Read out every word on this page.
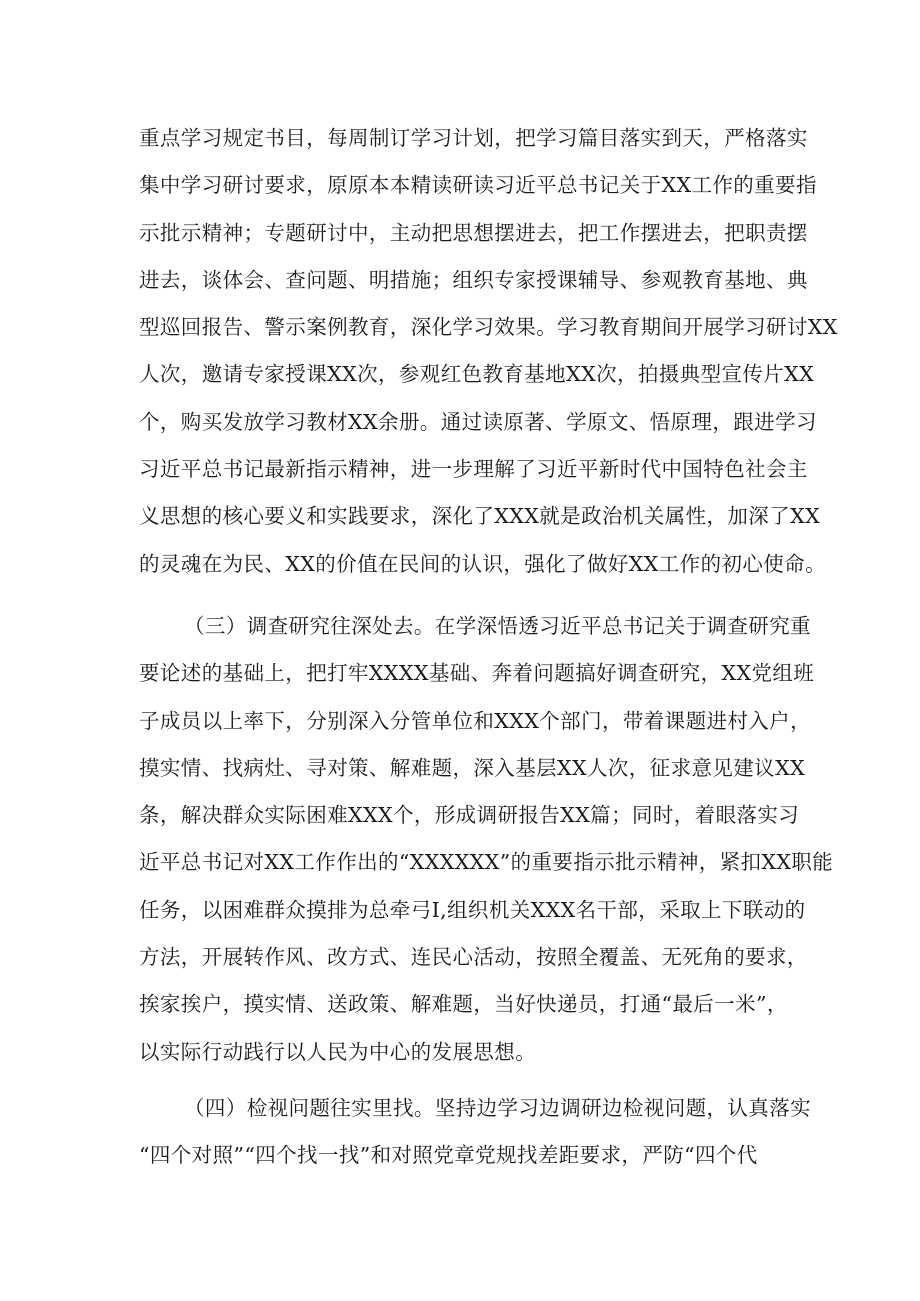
重点学习规定书目，每周制订学习计划，把学习篇目落实到天，严格落实
集中学习研讨要求，原原本本精读研读习近平总书记关于XX工作的重要指
示批示精神；专题研讨中，主动把思想摆进去，把工作摆进去，把职责摆
进去，谈体会、查问题、明措施；组织专家授课辅导、参观教育基地、典
型巡回报告、警示案例教育，深化学习效果。学习教育期间开展学习研讨XX
人次，邀请专家授课XX次，参观红色教育基地XX次，拍摄典型宣传片XX
个，购买发放学习教材XX余册。通过读原著、学原文、悟原理，跟进学习
习近平总书记最新指示精神，进一步理解了习近平新时代中国特色社会主
义思想的核心要义和实践要求，深化了XXX就是政治机关属性，加深了XX
的灵魂在为民、XX的价值在民间的认识，强化了做好XX工作的初心使命。
（三）调查研究往深处去。在学深悟透习近平总书记关于调查研究重
要论述的基础上，把打牢XXXX基础、奔着问题搞好调查研究，XX党组班
子成员以上率下，分别深入分管单位和XXX个部门，带着课题进村入户，
摸实情、找病灶、寻对策、解难题，深入基层XX人次，征求意见建议XX
条，解决群众实际困难XXX个，形成调研报告XX篇；同时，着眼落实习
近平总书记对XX工作作出的“XXXXXX”的重要指示批示精神，紧扣XX职能
任务，以困难群众摸排为总牵弓I,组织机关XXX名干部，采取上下联动的
方法，开展转作风、改方式、连民心活动，按照全覆盖、无死角的要求，
挨家挨户，摸实情、送政策、解难题，当好快递员，打通“最后一米”，
以实际行动践行以人民为中心的发展思想。
（四）检视问题往实里找。坚持边学习边调研边检视问题，认真落实
“四个对照”“四个找一找”和对照党章党规找差距要求，严防“四个代
